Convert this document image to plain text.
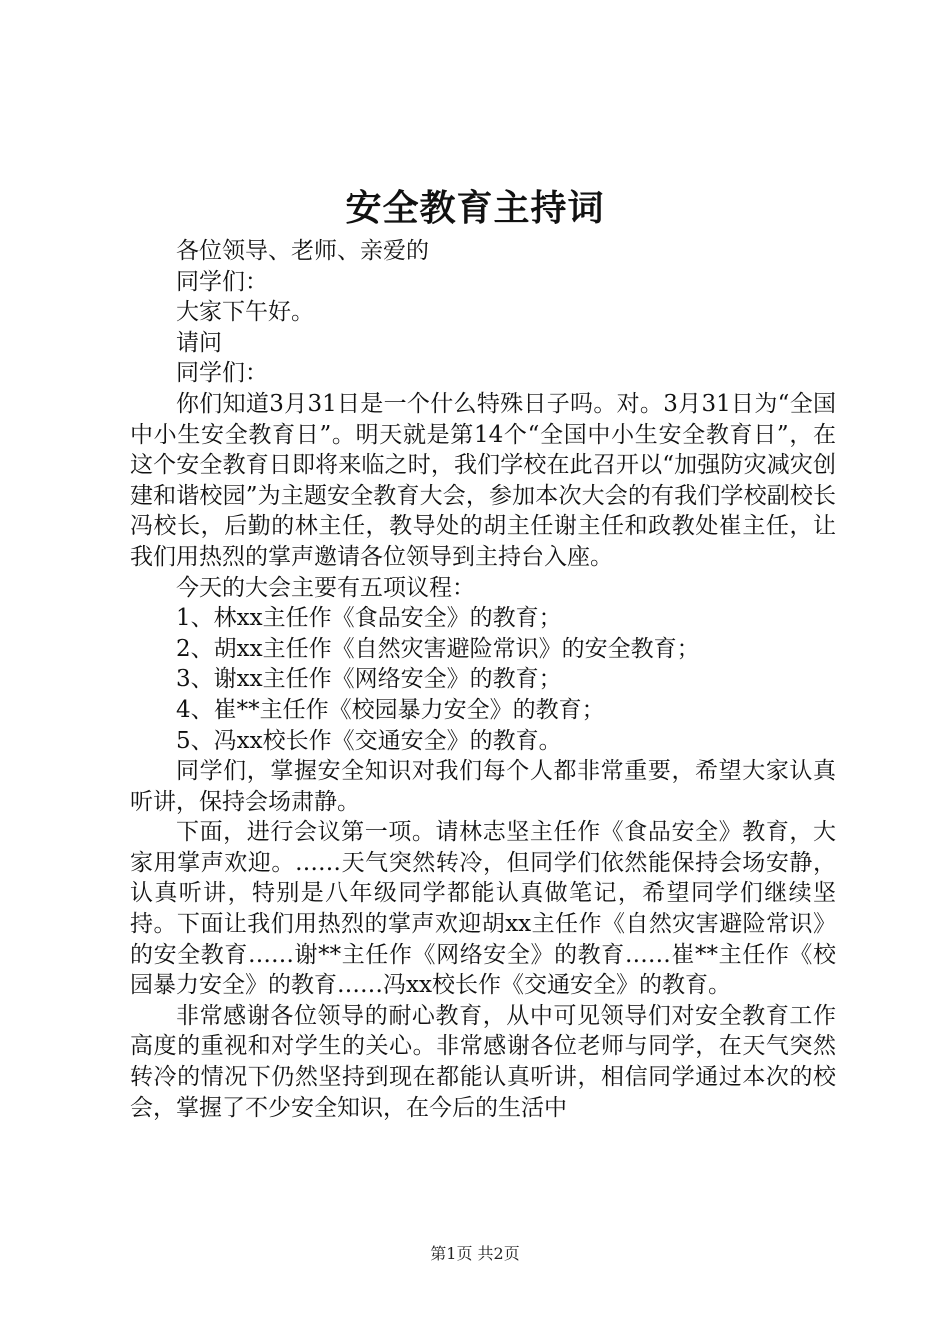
安全教育主持词

各位领导、老师、亲爱的

同学们：

大家下午好。

请问

同学们：

你们知道3月31日是一个什么特殊日子吗。对。3月31日为“全国中小生安全教育日”。明天就是第14个“全国中小生安全教育日”，在这个安全教育日即将来临之时，我们学校在此召开以“加强防灾减灾创建和谐校园”为主题安全教育大会，参加本次大会的有我们学校副校长冯校长，后勤的林主任，教导处的胡主任谢主任和政教处崔主任，让我们用热烈的掌声邀请各位领导到主持台入座。

今天的大会主要有五项议程：

1、林xx主任作《食品安全》的教育；

2、胡xx主任作《自然灾害避险常识》的安全教育；

3、谢xx主任作《网络安全》的教育；

4、崔**主任作《校园暴力安全》的教育；

5、冯xx校长作《交通安全》的教育。

同学们，掌握安全知识对我们每个人都非常重要，希望大家认真听讲，保持会场肃静。

下面，进行会议第一项。请林志坚主任作《食品安全》教育，大家用掌声欢迎。……天气突然转冷，但同学们依然能保持会场安静，认真听讲，特别是八年级同学都能认真做笔记，希望同学们继续坚持。下面让我们用热烈的掌声欢迎胡xx主任作《自然灾害避险常识》的安全教育……谢**主任作《网络安全》的教育……崔**主任作《校园暴力安全》的教育……冯xx校长作《交通安全》的教育。

非常感谢各位领导的耐心教育，从中可见领导们对安全教育工作高度的重视和对学生的关心。非常感谢各位老师与同学，在天气突然转冷的情况下仍然坚持到现在都能认真听讲，相信同学通过本次的校会，掌握了不少安全知识，在今后的生活中

第1页 共2页
